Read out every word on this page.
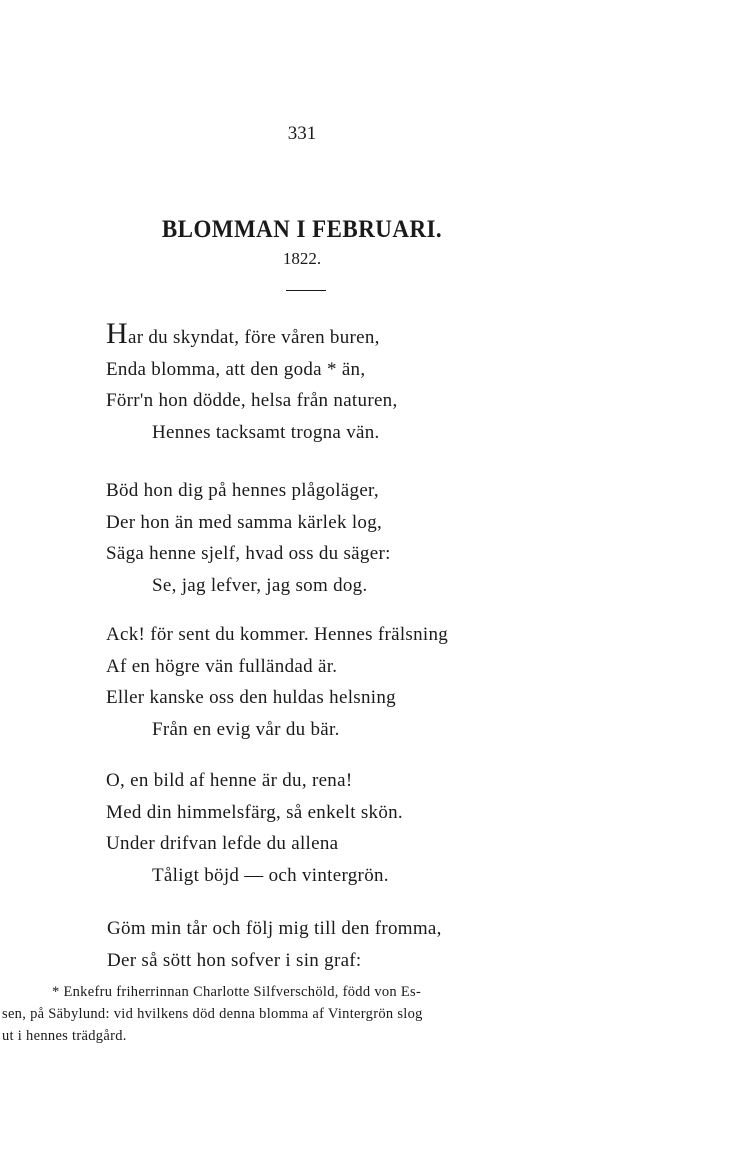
331
BLOMMAN I FEBRUARI.
1822.
Har du skyndat, före våren buren,
Enda blomma, att den goda * än,
Förr'n hon dödde, helsa från naturen,
Hennes tacksamt trogna vän.
Böd hon dig på hennes plågoläger,
Der hon än med samma kärlek log,
Säga henne sjelf, hvad oss du säger:
Se, jag lefver, jag som dog.
Ack! för sent du kommer. Hennes frälsning
Af en högre vän fulländad är.
Eller kanske oss den huldas helsning
Från en evig vår du bär.
O, en bild af henne är du, rena!
Med din himmelsfärg, så enkelt skön.
Under drifvan lefde du allena
Tåligt böjd — och vintergrön.
Göm min tår och följ mig till den fromma,
Der så sött hon sofver i sin graf:
* Enkefru friherrinnan Charlotte Silfverschöld, född von Es-
sen, på Säbylund: vid hvilkens död denna blomma af Vintergrön slog
ut i hennes trädgård.
